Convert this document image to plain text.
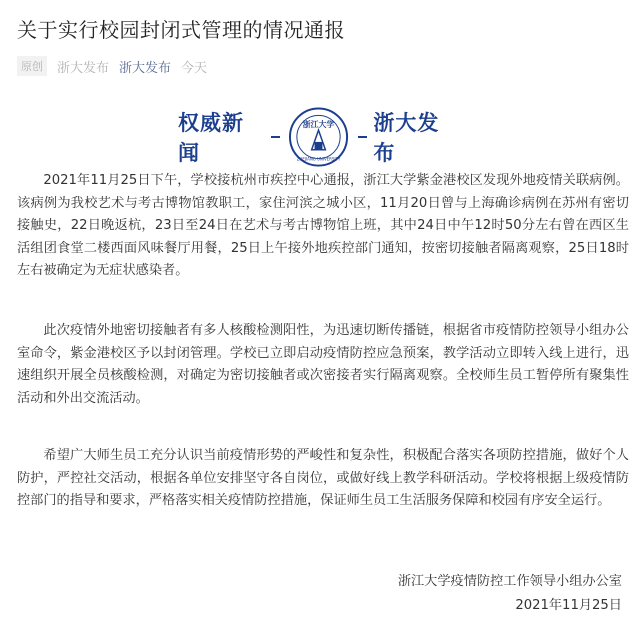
关于实行校园封闭式管理的情况通报
原创	浙大发布 浙大发布 今天
权威新闻
浙江大学
ZHEJIANG UNIVERSITY
浙大发布

2021年11月25日下午，学校接杭州市疾控中心通报，浙江大学紫金港校区发现外地疫情关联病例。该病例为我校艺术与考古博物馆教职工，家住河滨之城小区，11月20日曾与上海确诊病例在苏州有密切接触史，22日晚返杭，23日至24日在艺术与考古博物馆上班，其中24日中午12时50分左右曾在西区生活组团食堂二楼西面风味餐厅用餐，25日上午接外地疾控部门通知，按密切接触者隔离观察，25日18时左右被确定为无症状感染者。

此次疫情外地密切接触者有多人核酸检测阳性，为迅速切断传播链，根据省市疫情防控领导小组办公室命令，紫金港校区予以封闭管理。学校已立即启动疫情防控应急预案，教学活动立即转入线上进行，迅速组织开展全员核酸检测，对确定为密切接触者或次密接者实行隔离观察。全校师生员工暂停所有聚集性活动和外出交流活动。

希望广大师生员工充分认识当前疫情形势的严峻性和复杂性，积极配合落实各项防控措施，做好个人防护，严控社交活动，根据各单位安排坚守各自岗位，或做好线上教学科研活动。学校将根据上级疫情防控部门的指导和要求，严格落实相关疫情防控措施，保证师生员工生活服务保障和校园有序安全运行。

浙江大学疫情防控工作领导小组办公室
2021年11月25日
